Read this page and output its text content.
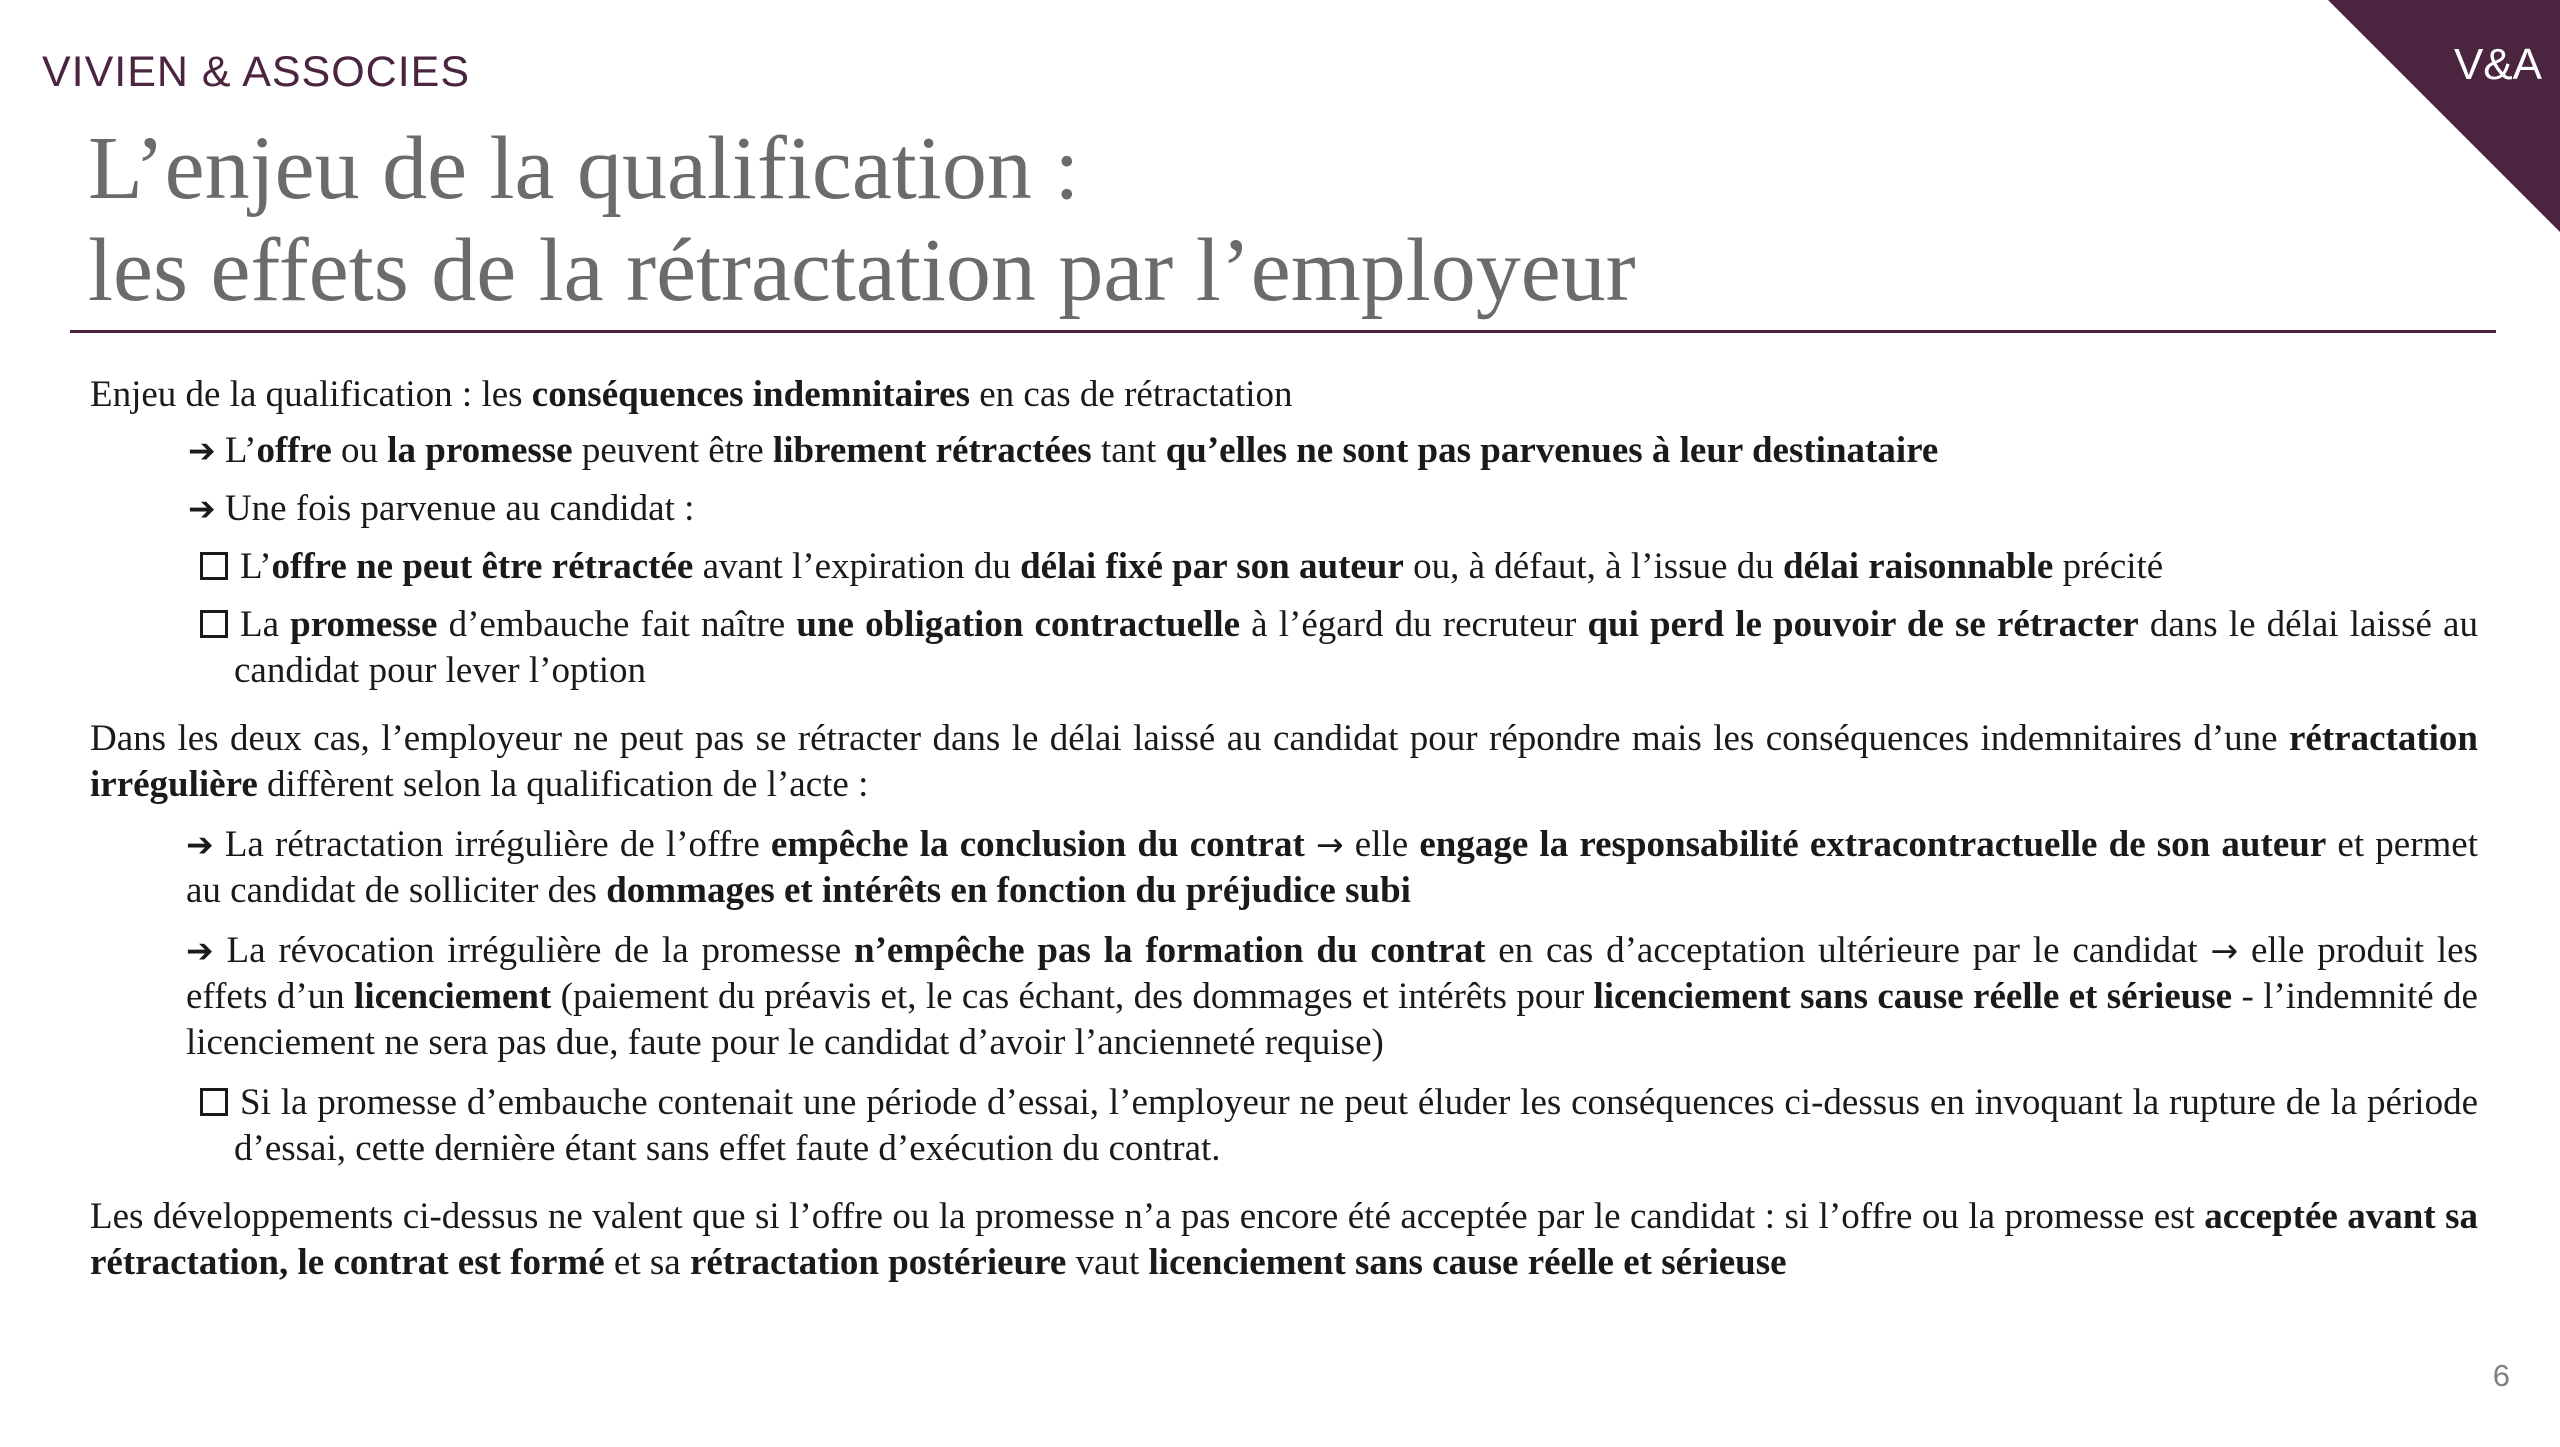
VIVIEN & ASSOCIES	V&A
L’enjeu de la qualification :
les effets de la rétractation par l’employeur

Enjeu de la qualification : les conséquences indemnitaires en cas de rétractation

➔ L’offre ou la promesse peuvent être librement rétractées tant qu’elles ne sont pas parvenues à leur destinataire

➔ Une fois parvenue au candidat :

L’offre ne peut être rétractée avant l’expiration du délai fixé par son auteur ou, à défaut, à l’issue du délai raisonnable précité

La promesse d’embauche fait naître une obligation contractuelle à l’égard du recruteur qui perd le pouvoir de se rétracter dans le délai laissé au candidat pour lever l’option

Dans les deux cas, l’employeur ne peut pas se rétracter dans le délai laissé au candidat pour répondre mais les conséquences indemnitaires d’une rétractation irrégulière diffèrent selon la qualification de l’acte :

➔ La rétractation irrégulière de l’offre empêche la conclusion du contrat → elle engage la responsabilité extracontractuelle de son auteur et permet au candidat de solliciter des dommages et intérêts en fonction du préjudice subi

➔ La révocation irrégulière de la promesse n’empêche pas la formation du contrat en cas d’acceptation ultérieure par le candidat → elle produit les effets d’un licenciement (paiement du préavis et, le cas échant, des dommages et intérêts pour licenciement sans cause réelle et sérieuse - l’indemnité de licenciement ne sera pas due, faute pour le candidat d’avoir l’ancienneté requise)

Si la promesse d’embauche contenait une période d’essai, l’employeur ne peut éluder les conséquences ci-dessus en invoquant la rupture de la période d’essai, cette dernière étant sans effet faute d’exécution du contrat.

Les développements ci-dessus ne valent que si l’offre ou la promesse n’a pas encore été acceptée par le candidat : si l’offre ou la promesse est acceptée avant sa rétractation, le contrat est formé et sa rétractation postérieure vaut licenciement sans cause réelle et sérieuse

6
